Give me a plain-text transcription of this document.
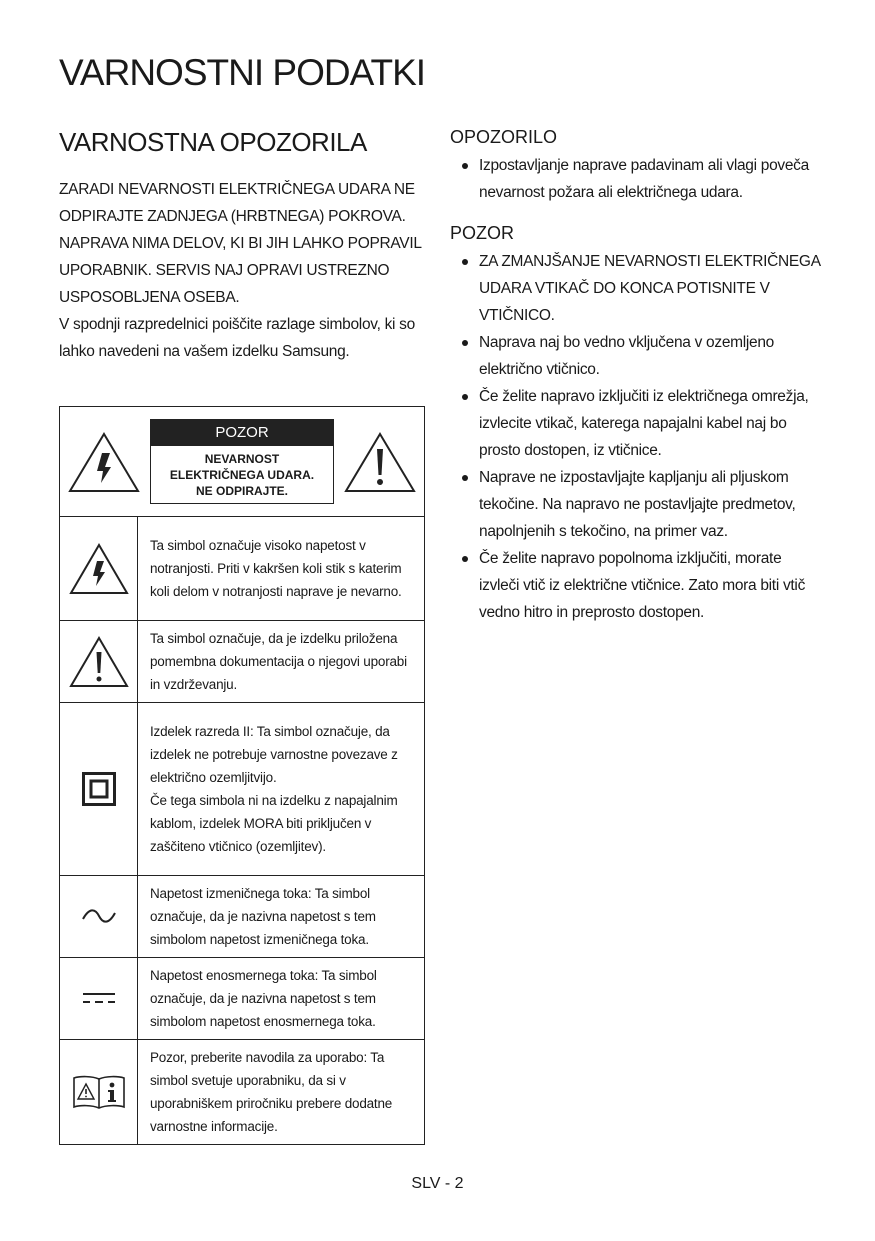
VARNOSTNI PODATKI
VARNOSTNA OPOZORILA

ZARADI NEVARNOSTI ELEKTRIČNEGA UDARA NE ODPIRAJTE ZADNJEGA (HRBTNEGA) POKROVA.

NAPRAVA NIMA DELOV, KI BI JIH LAHKO POPRAVIL UPORABNIK. SERVIS NAJ OPRAVI USTREZNO USPOSOBLJENA OSEBA.

V spodnji razpredelnici poiščite razlage simbolov, ki so lahko navedeni na vašem izdelku Samsung.

POZOR
NEVARNOST
ELEKTRIČNEGA UDARA.
NE ODPIRAJTE.	

	Ta simbol označuje visoko napetost v notranjosti. Priti v kakršen koli stik s katerim koli delom v notranjosti naprave je nevarno.
	Ta simbol označuje, da je izdelku priložena pomembna dokumentacija o njegovi uporabi in vzdrževanju.

Izdelek razreda II: Ta simbol označuje, da izdelek ne potrebuje varnostne povezave z električno ozemljitvijo.
Če tega simbola ni na izdelku z napajalnim kablom, izdelek MORA biti priključen v zaščiteno vtičnico (ozemljitev).

	Napetost izmeničnega toka: Ta simbol označuje, da je nazivna napetost s tem simbolom napetost izmeničnega toka.
	Napetost enosmernega toka: Ta simbol označuje, da je nazivna napetost s tem simbolom napetost enosmernega toka.
	Pozor, preberite navodila za uporabo: Ta simbol svetuje uporabniku, da si v uporabniškem priročniku prebere dodatne varnostne informacije.
OPOZORILO
Izpostavljanje naprave padavinam ali vlagi poveča nevarnost požara ali električnega udara.
POZOR
ZA ZMANJŠANJE NEVARNOSTI ELEKTRIČNEGA UDARA VTIKAČ DO KONCA POTISNITE V VTIČNICO.
Naprava naj bo vedno vključena v ozemljeno električno vtičnico.
Če želite napravo izključiti iz električnega omrežja, izvlecite vtikač, katerega napajalni kabel naj bo prosto dostopen, iz vtičnice.
Naprave ne izpostavljajte kapljanju ali pljuskom tekočine. Na napravo ne postavljajte predmetov, napolnjenih s tekočino, na primer vaz.
Če želite napravo popolnoma izključiti, morate izvleči vtič iz električne vtičnice. Zato mora biti vtič vedno hitro in preprosto dostopen.
SLV - 2
